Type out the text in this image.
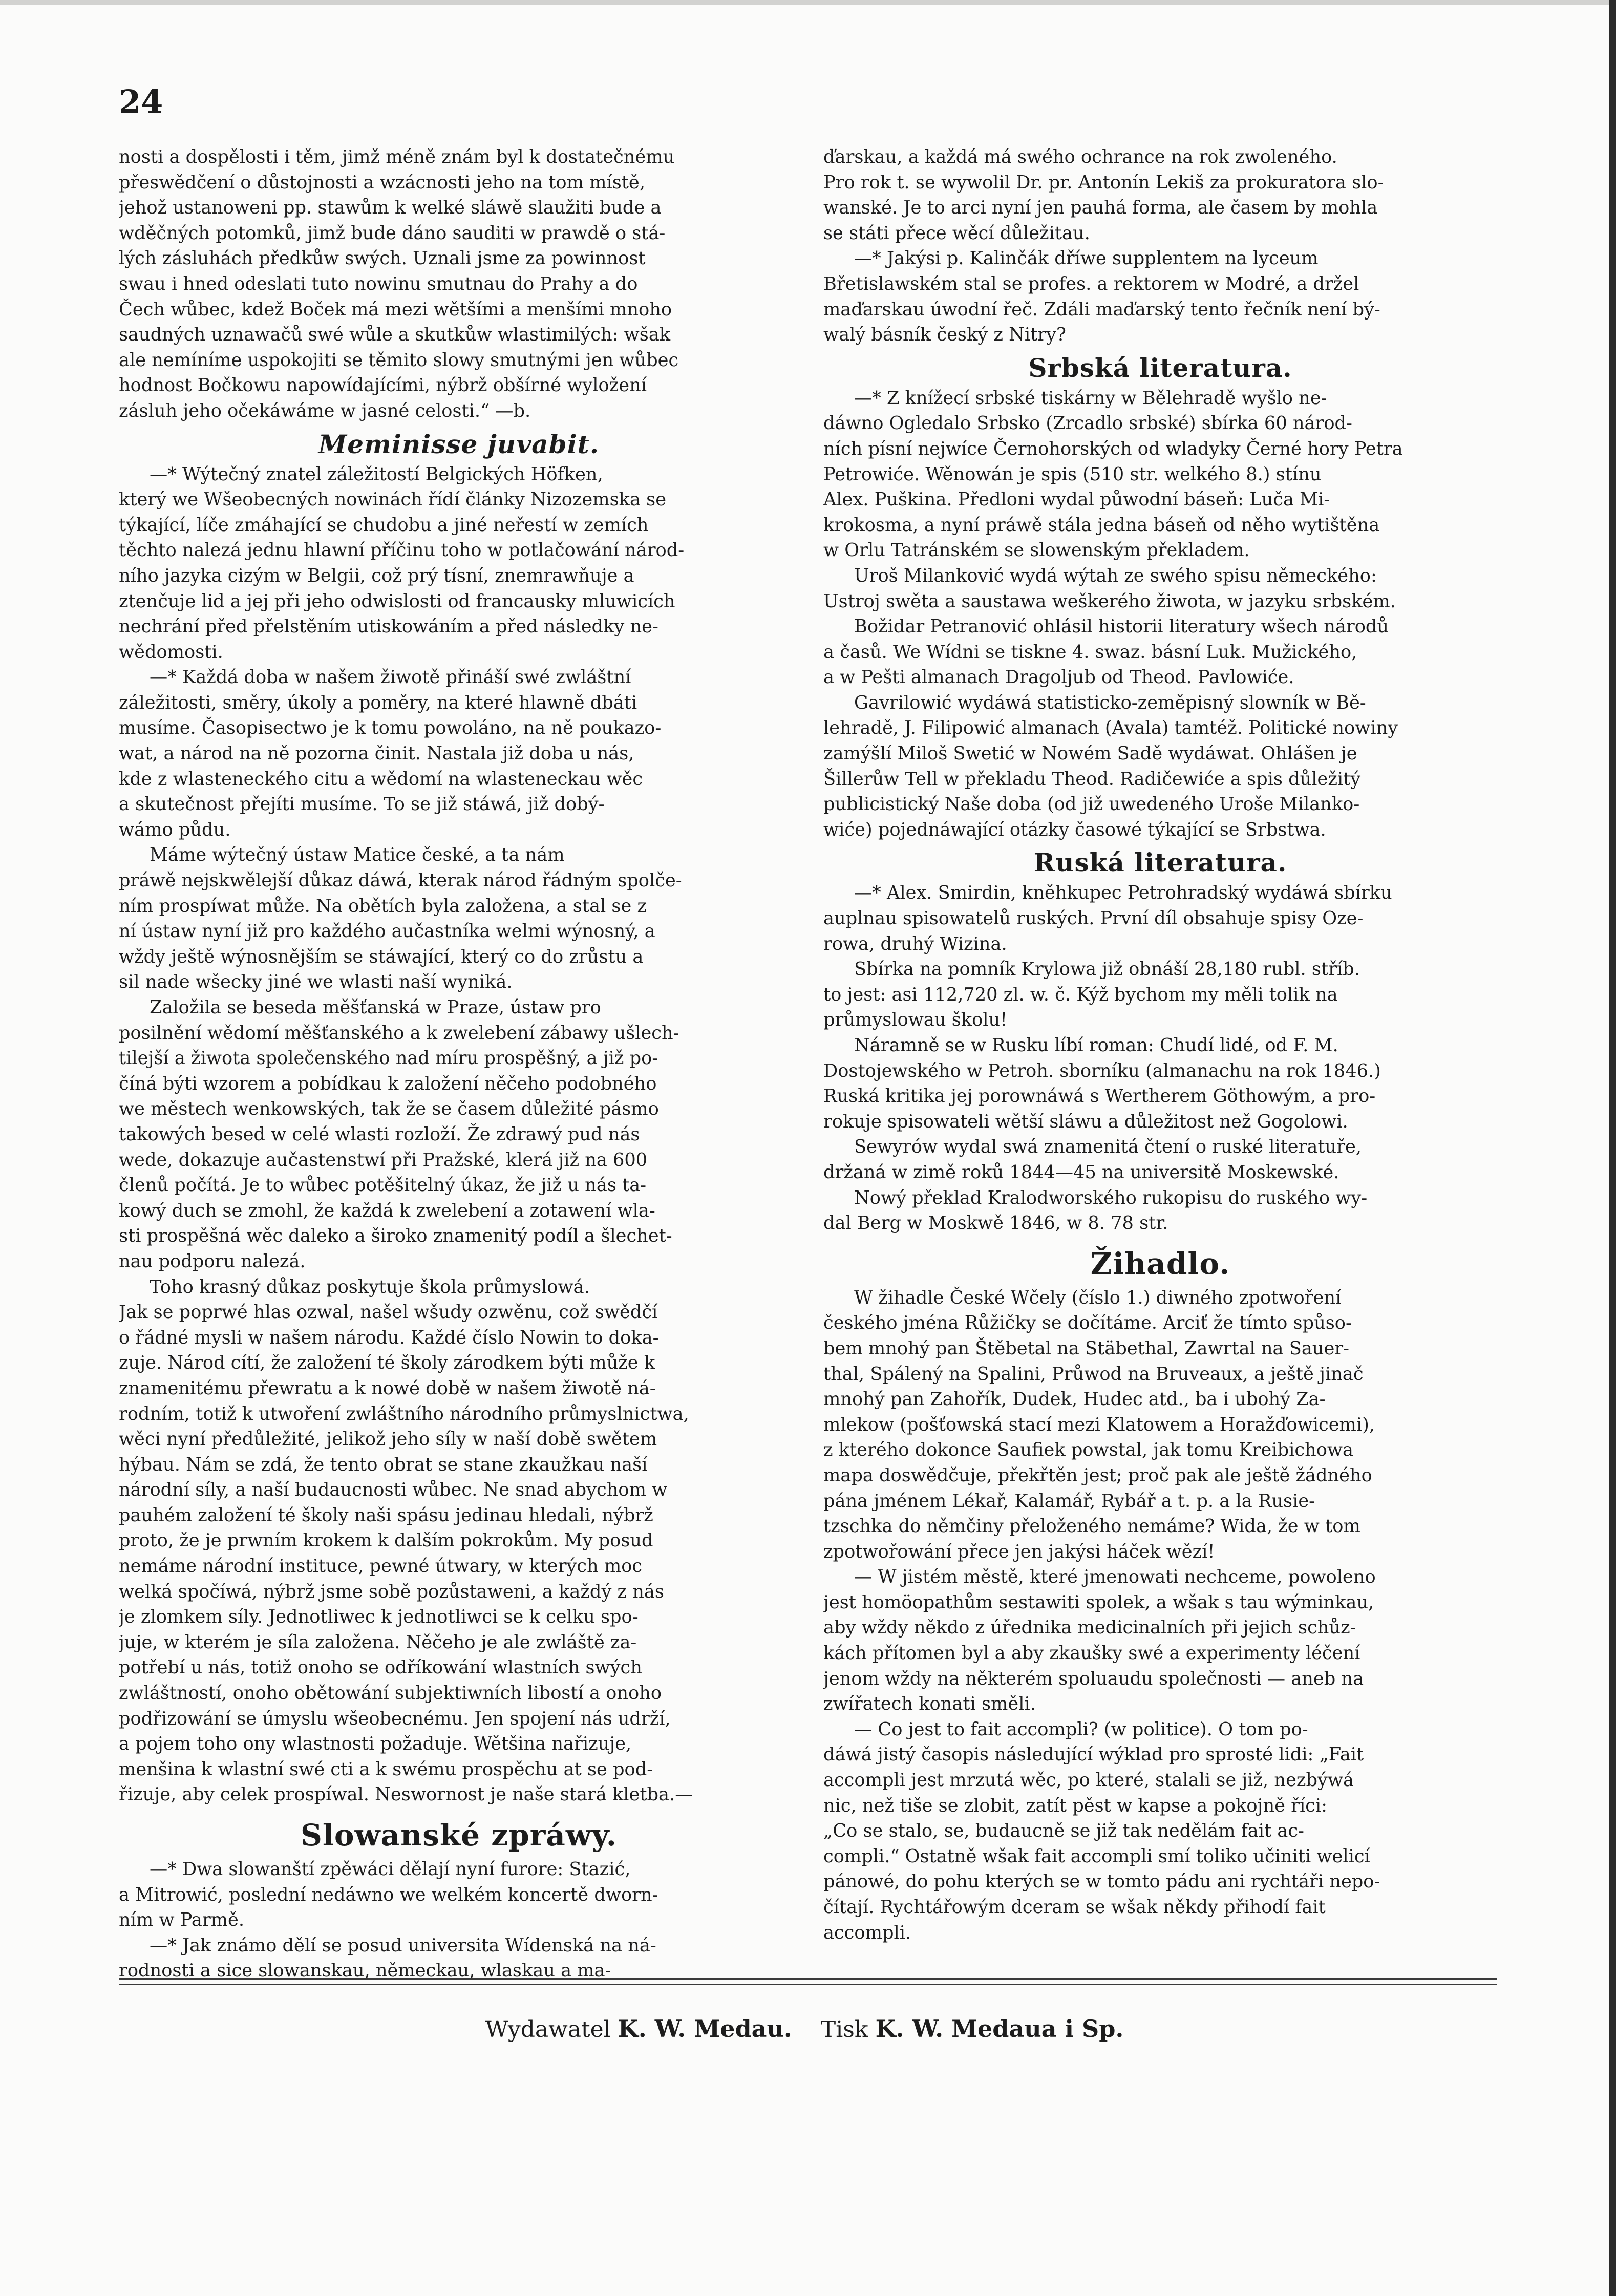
24
nosti a dospělosti i těm, jimž méně znám byl k dostatečnému
přeswědčení o důstojnosti a wzácnosti jeho na tom místě,
jehož ustanoweni pp. stawům k welké sláwě slaužiti bude a
wděčných potomků, jimž bude dáno sauditi w prawdě o stá-
lých zásluhách předkůw swých. Uznali jsme za powinnost
swau i hned odeslati tuto nowinu smutnau do Prahy a do
Čech wůbec, kdež Boček má mezi wětšími a menšími mnoho
saudných uznawačů swé wůle a skutkůw wlastimilých: wšak
ale nemíníme uspokojiti se těmito slowy smutnými jen wůbec
hodnost Bočkowu napowídajícími, nýbrž obšírné wyložení
zásluh jeho očekáwáme w jasné celosti.“ —b.
Meminisse juvabit.
—* Wýtečný znatel záležitostí Belgických Höfken,
který we Wšeobecných nowinách řídí články Nizozemska se
týkající, líče zmáhající se chudobu a jiné neřestí w zemích
těchto nalezá jednu hlawní příčinu toho w potlačowání národ-
ního jazyka cizým w Belgii, což prý tísní, znemrawňuje a
ztenčuje lid a jej při jeho odwislosti od francausky mluwicích
nechrání před přelstěním utiskowáním a před následky ne-
wědomosti.
—* Každá doba w našem žiwotě přináší swé zwláštní
záležitosti, směry, úkoly a poměry, na které hlawně dbáti
musíme. Časopisectwo je k tomu powoláno, na ně poukazo-
wat, a národ na ně pozorna činit. Nastala již doba u nás,
kde z wlasteneckého citu a wědomí na wlasteneckau wěc
a skutečnost přejíti musíme. To se již stáwá, již dobý-
wámo půdu.
Máme wýtečný ústaw Matice české, a ta nám
práwě nejskwělejší důkaz dáwá, kterak národ řádným spolče-
ním prospíwat může. Na obětích byla založena, a stal se z
ní ústaw nyní již pro každého aučastníka welmi wýnosný, a
wždy ještě wýnosnějším se stáwající, který co do zrůstu a
sil nade wšecky jiné we wlasti naší wyniká.
Založila se beseda měšťanská w Praze, ústaw pro
posilnění wědomí měšťanského a k zwelebení zábawy ušlech-
tilejší a žiwota společenského nad míru prospěšný, a již po-
číná býti wzorem a pobídkau k založení něčeho podobného
we městech wenkowských, tak že se časem důležité pásmo
takowých besed w celé wlasti rozloží. Že zdrawý pud nás
wede, dokazuje aučastenstwí při Pražské, klerá již na 600
členů počítá. Je to wůbec potěšitelný úkaz, že již u nás ta-
kowý duch se zmohl, že každá k zwelebení a zotawení wla-
sti prospěšná wěc daleko a široko znamenitý podíl a šlechet-
nau podporu nalezá.
Toho krasný důkaz poskytuje škola průmyslowá.
Jak se poprwé hlas ozwal, našel wšudy ozwěnu, což swědčí
o řádné mysli w našem národu. Každé číslo Nowin to doka-
zuje. Národ cítí, že založení té školy zárodkem býti může k
znamenitému přewratu a k nowé době w našem žiwotě ná-
rodním, totiž k utwoření zwláštního národního průmyslnictwa,
wěci nyní předůležité, jelikož jeho síly w naší době swětem
hýbau. Nám se zdá, že tento obrat se stane zkaužkau naší
národní síly, a naší budaucnosti wůbec. Ne snad abychom w
pauhém založení té školy naši spásu jedinau hledali, nýbrž
proto, že je prwním krokem k dalším pokrokům. My posud
nemáme národní instituce, pewné útwary, w kterých moc
welká spočíwá, nýbrž jsme sobě pozůstaweni, a každý z nás
je zlomkem síly. Jednotliwec k jednotliwci se k celku spo-
juje, w kterém je síla založena. Něčeho je ale zwláště za-
potřebí u nás, totiž onoho se odříkowání wlastních swých
zwláštností, onoho obětowání subjektiwních libostí a onoho
podřizowání se úmyslu wšeobecnému. Jen spojení nás udrží,
a pojem toho ony wlastnosti požaduje. Wětšina nařizuje,
menšina k wlastní swé cti a k swému prospěchu at se pod-
řizuje, aby celek prospíwal. Neswornost je naše stará kletba.—
Slowanské zpráwy.
—* Dwa slowanští zpěwáci dělají nyní furore: Stazić,
a Mitrowić, poslední nedáwno we welkém koncertě dworn-
ním w Parmě.
—* Jak známo dělí se posud universita Wídenská na ná-
rodnosti a sice slowanskau, německau, wlaskau a ma-
ďarskau, a každá má swého ochrance na rok zwoleného.
Pro rok t. se wywolil Dr. pr. Antonín Lekiš za prokuratora slo-
wanské. Je to arci nyní jen pauhá forma, ale časem by mohla
se státi přece wěcí důležitau.
—* Jakýsi p. Kalinčák dříwe supplentem na lyceum
Břetislawském stal se profes. a rektorem w Modré, a držel
maďarskau úwodní řeč. Zdáli maďarský tento řečník není bý-
walý básník český z Nitry?
Srbská literatura.
—* Z knížecí srbské tiskárny w Bělehradě wyšlo ne-
dáwno Ogledalo Srbsko (Zrcadlo srbské) sbírka 60 národ-
ních písní nejwíce Černohorských od wladyky Černé hory Petra
Petrowiće. Wěnowán je spis (510 str. welkého 8.) stínu
Alex. Puškina. Předloni wydal půwodní báseň: Luča Mi-
krokosma, a nyní práwě stála jedna báseň od něho wytištěna
w Orlu Tatránském se slowenským překladem.
Uroš Milanković wydá wýtah ze swého spisu německého:
Ustroj swěta a saustawa weškerého žiwota, w jazyku srbském.
Božidar Petranović ohlásil historii literatury wšech národů
a časů. We Wídni se tiskne 4. swaz. básní Luk. Mužického,
a w Pešti almanach Dragoljub od Theod. Pavlowiće.
Gavrilowić wydáwá statisticko-zeměpisný slowník w Bě-
lehradě, J. Filipowić almanach (Avala) tamtéž. Politické nowiny
zamýšlí Miloš Swetić w Nowém Sadě wydáwat. Ohlášen je
Šillerůw Tell w překladu Theod. Radičewiće a spis důležitý
publicistický Naše doba (od již uwedeného Uroše Milanko-
wiće) pojednáwající otázky časowé týkající se Srbstwa.
Ruská literatura.
—* Alex. Smirdin, kněhkupec Petrohradský wydáwá sbírku
auplnau spisowatelů ruských. První díl obsahuje spisy Oze-
rowa, druhý Wizina.
Sbírka na pomník Krylowa již obnáší 28,180 rubl. stříb.
to jest: asi 112,720 zl. w. č. Kýž bychom my měli tolik na
průmyslowau školu!
Náramně se w Rusku líbí roman: Chudí lidé, od F. M.
Dostojewského w Petroh. sborníku (almanachu na rok 1846.)
Ruská kritika jej porownáwá s Wertherem Göthowým, a pro-
rokuje spisowateli wětší sláwu a důležitost než Gogolowi.
Sewyrów wydal swá znamenitá čtení o ruské literatuře,
držaná w zimě roků 1844—45 na universitě Moskewské.
Nowý překlad Kralodworského rukopisu do ruského wy-
dal Berg w Moskwě 1846, w 8. 78 str.
Žihadlo.
W žihadle České Wčely (číslo 1.) diwného zpotwoření
českého jména Růžičky se dočítáme. Arciť že tímto spůso-
bem mnohý pan Štěbetal na Stäbethal, Zawrtal na Sauer-
thal, Spálený na Spalini, Průwod na Bruveaux, a ještě jinač
mnohý pan Zahořík, Dudek, Hudec atd., ba i ubohý Za-
mlekow (pošťowská stací mezi Klatowem a Horažďowicemi),
z kterého dokonce Saufiek powstal, jak tomu Kreibichowa
mapa doswědčuje, překřtěn jest; proč pak ale ještě žádného
pána jménem Lékař, Kalamář, Rybář a t. p. a la Rusie-
tzschka do němčiny přeloženého nemáme? Wida, že w tom
zpotwořowání přece jen jakýsi háček wězí!
— W jistém městě, které jmenowati nechceme, powoleno
jest homöopathům sestawiti spolek, a wšak s tau wýminkau,
aby wždy někdo z úřednika medicinalních při jejich schůz-
kách přítomen byl a aby zkaušky swé a experimenty léčení
jenom wždy na některém spoluaudu společnosti — aneb na
zwířatech konati směli.
— Co jest to fait accompli? (w politice). O tom po-
dáwá jistý časopis následující wýklad pro sprosté lidi: „Fait
accompli jest mrzutá wěc, po které, stalali se již, nezbýwá
nic, než tiše se zlobit, zatít pěst w kapse a pokojně říci:
„Co se stalo, se, budaucně se již tak nedělám fait ac-
compli.“ Ostatně wšak fait accompli smí toliko učiniti welicí
pánowé, do pohu kterých se w tomto pádu ani rychtáři nepo-
čítají. Rychtářowým dceram se wšak někdy přihodí fait
accompli.
Wydawatel K. W. Medau. Tisk K. W. Medaua i Sp.
